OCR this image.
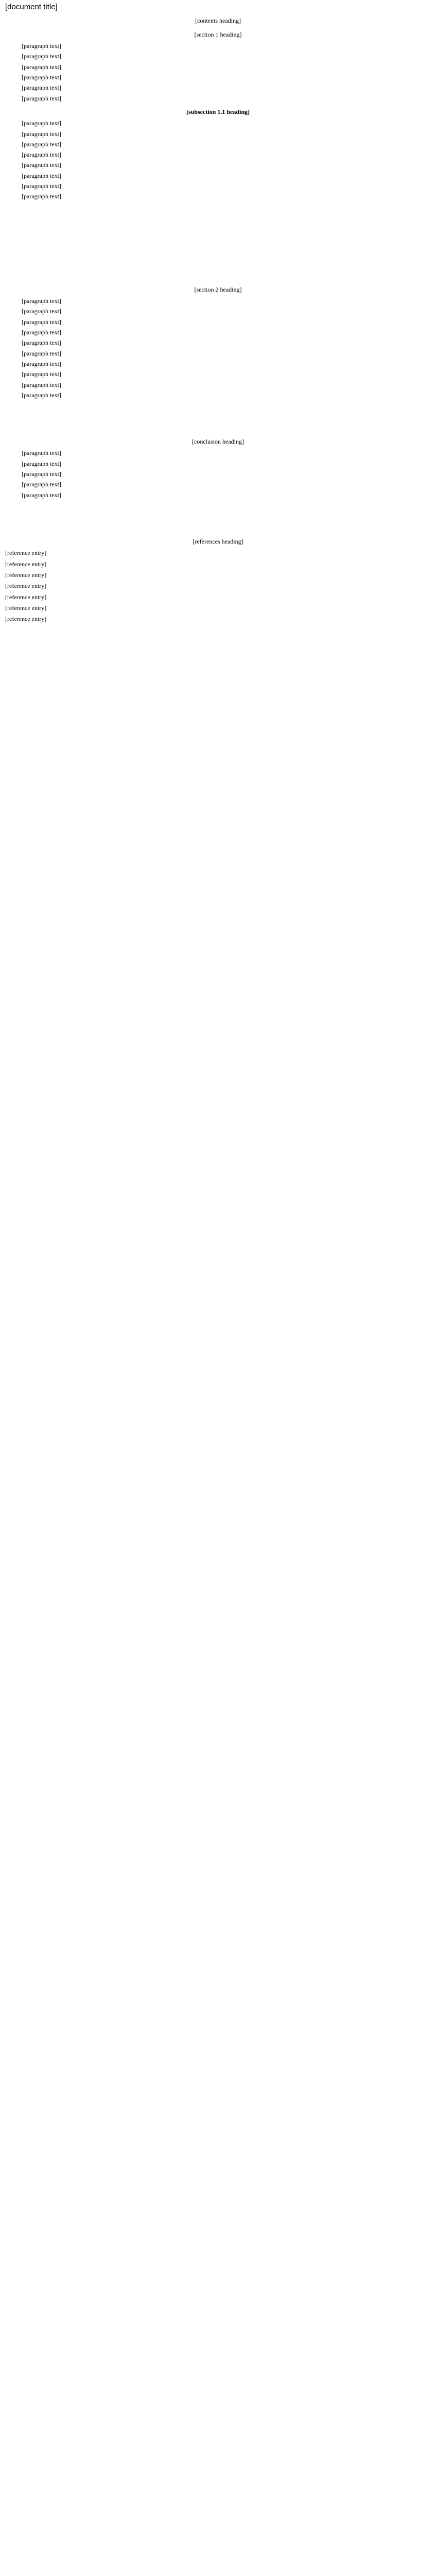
[document title]
[contents heading]
[section 1 heading]

[paragraph text]

[paragraph text]

[paragraph text]

[paragraph text]

[paragraph text]

[paragraph text]

[subsection 1.1 heading]

[paragraph text]

[paragraph text]

[paragraph text]

[paragraph text]

[paragraph text]

[paragraph text]

[paragraph text]

[paragraph text]

[section 2 heading]

[paragraph text]

[paragraph text]

[paragraph text]

[paragraph text]

[paragraph text]

[paragraph text]

[paragraph text]

[paragraph text]

[paragraph text]

[paragraph text]

[conclusion heading]

[paragraph text]

[paragraph text]

[paragraph text]

[paragraph text]

[paragraph text]

[references heading]
[reference entry]
[reference entry]
[reference entry]
[reference entry]
[reference entry]
[reference entry]
[reference entry]
